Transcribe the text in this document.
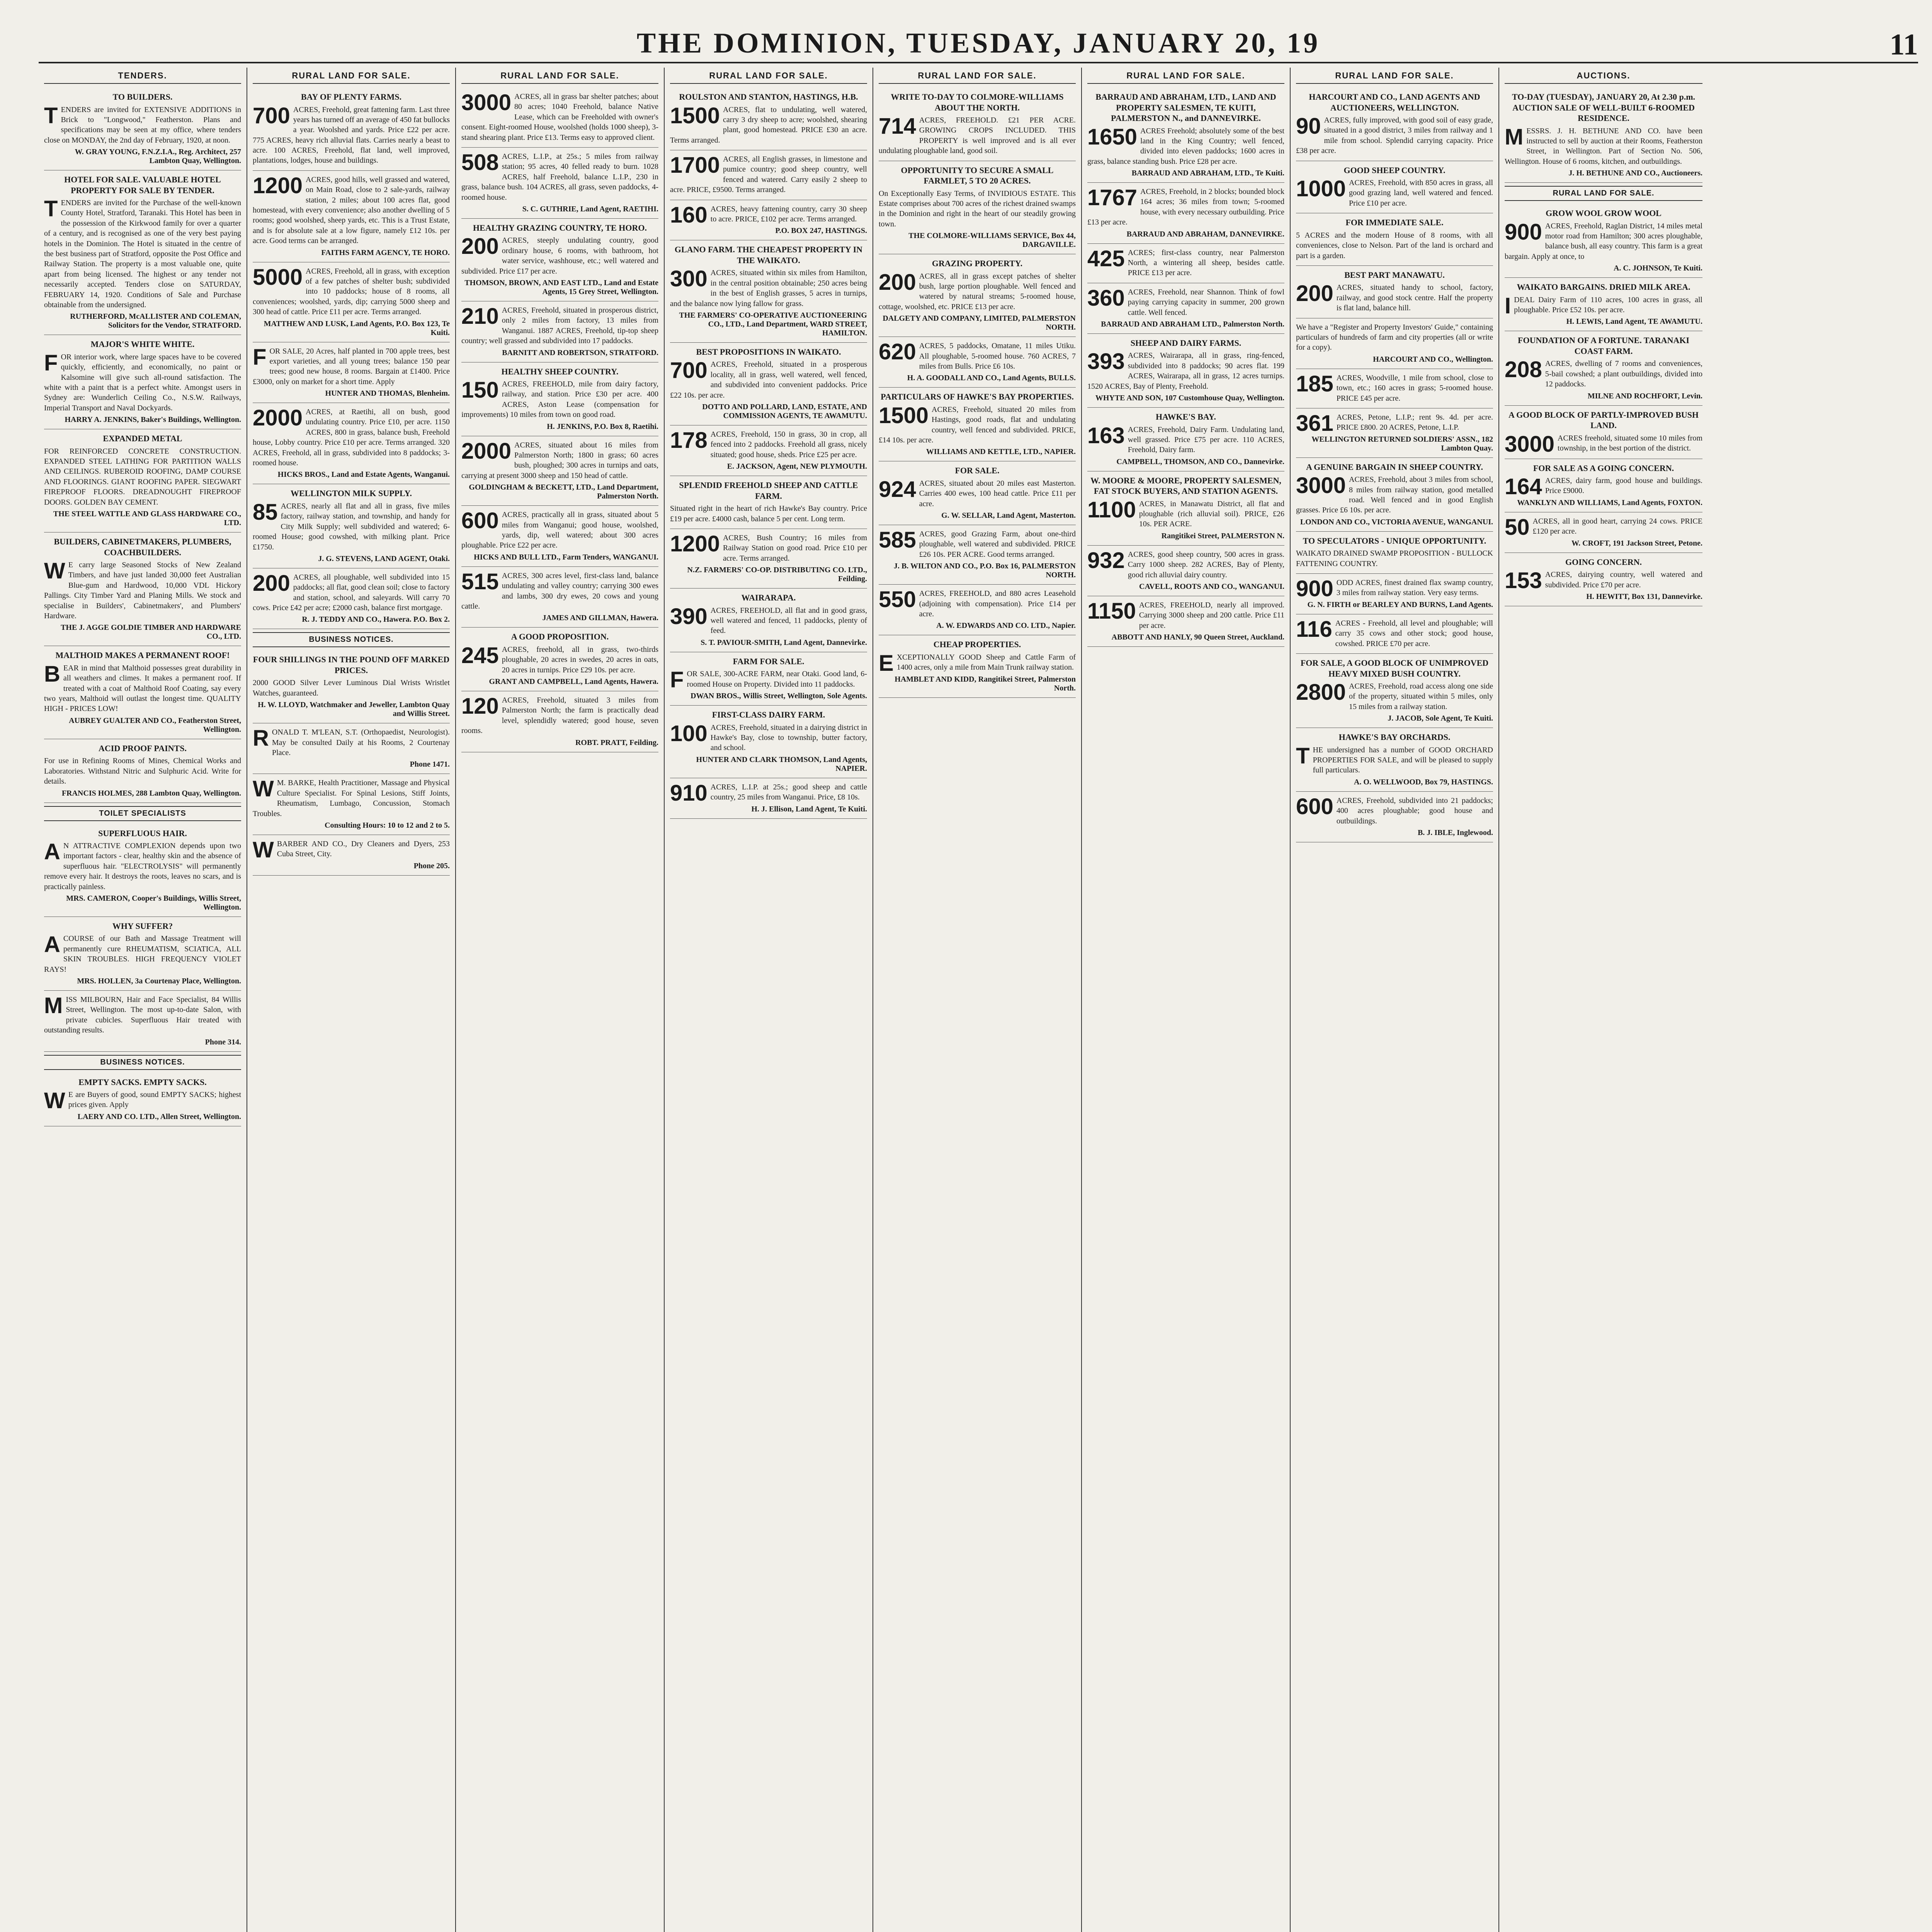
THE DOMINION, TUESDAY, JANUARY 20, 19	11
TENDERS.
TO BUILDERS.
TENDERS are invited for EXTENSIVE ADDITIONS in Brick to "Longwood," Featherston. Plans and specifications may be seen at my office, where tenders close on MONDAY, the 2nd day of February, 1920, at noon.
W. GRAY YOUNG, F.N.Z.I.A., Reg. Architect, 257 Lambton Quay, Wellington.
HOTEL FOR SALE. VALUABLE HOTEL PROPERTY FOR SALE BY TENDER.
TENDERS are invited for the Purchase of the well-known County Hotel, Stratford, Taranaki. This Hotel has been in the possession of the Kirkwood family for over a quarter of a century, and is recognised as one of the very best paying hotels in the Dominion. The Hotel is situated in the centre of the best business part of Stratford, opposite the Post Office and Railway Station. The property is a most valuable one, quite apart from being licensed. The highest or any tender not necessarily accepted. Tenders close on SATURDAY, FEBRUARY 14, 1920. Conditions of Sale and Purchase obtainable from the undersigned.
RUTHERFORD, McALLISTER AND COLEMAN, Solicitors for the Vendor, STRATFORD.
MAJOR'S WHITE WHITE.
FOR interior work, where large spaces have to be covered quickly, efficiently, and economically, no paint or Kalsomine will give such all-round satisfaction. The white with a paint that is a perfect white. Amongst users in Sydney are: Wunderlich Ceiling Co., N.S.W. Railways, Imperial Transport and Naval Dockyards.
HARRY A. JENKINS, Baker's Buildings, Wellington.
EXPANDED METAL
FOR REINFORCED CONCRETE CONSTRUCTION. EXPANDED STEEL LATHING FOR PARTITION WALLS AND CEILINGS. RUBEROID ROOFING, DAMP COURSE AND FLOORINGS. GIANT ROOFING PAPER. SIEGWART FIREPROOF FLOORS. DREADNOUGHT FIREPROOF DOORS. GOLDEN BAY CEMENT.
THE STEEL WATTLE AND GLASS HARDWARE CO., LTD.
BUILDERS, CABINETMAKERS, PLUMBERS, COACHBUILDERS.
W E carry large Seasoned Stocks of New Zealand Timbers, and have just landed 30,000 feet Australian Blue-gum and Hardwood, 10,000 VDL Hickory Pallings. City Timber Yard and Planing Mills. We stock and specialise in Builders', Cabinetmakers', and Plumbers' Hardware.
THE J. AGGE GOLDIE TIMBER AND HARDWARE CO., LTD.
MALTHOID MAKES A PERMANENT ROOF!
BEAR in mind that Malthoid possesses great durability in all weathers and climes. It makes a permanent roof. If treated with a coat of Malthoid Roof Coating, say every two years, Malthoid will outlast the longest time. QUALITY HIGH - PRICES LOW!
AUBREY GUALTER AND CO., Featherston Street, Wellington.
ACID PROOF PAINTS.
For use in Refining Rooms of Mines, Chemical Works and Laboratories. Withstand Nitric and Sulphuric Acid. Write for details.
FRANCIS HOLMES, 288 Lambton Quay, Wellington.
TOILET SPECIALISTS
SUPERFLUOUS HAIR.
A N ATTRACTIVE COMPLEXION depends upon two important factors - clear, healthy skin and the absence of superfluous hair. "ELECTROLYSIS" will permanently remove every hair. It destroys the roots, leaves no scars, and is practically painless.
MRS. CAMERON, Cooper's Buildings, Willis Street, Wellington.
WHY SUFFER?
ACOURSE of our Bath and Massage Treatment will permanently cure RHEUMATISM, SCIATICA, ALL SKIN TROUBLES. HIGH FREQUENCY VIOLET RAYS!
MRS. HOLLEN, 3a Courtenay Place, Wellington.
MISS MILBOURN, Hair and Face Specialist, 84 Willis Street, Wellington. The most up-to-date Salon, with private cubicles. Superfluous Hair treated with outstanding results.
Phone 314.
BUSINESS NOTICES.
EMPTY SACKS. EMPTY SACKS.
W E are Buyers of good, sound EMPTY SACKS; highest prices given. Apply
LAERY AND CO. LTD., Allen Street, Wellington.
RURAL LAND FOR SALE.
BAY OF PLENTY FARMS.
700 ACRES, Freehold, great fattening farm. Last three years has turned off an average of 450 fat bullocks a year. Woolshed and yards. Price £22 per acre. 775 ACRES, heavy rich alluvial flats. Carries nearly a beast to acre. 100 ACRES, Freehold, flat land, well improved, plantations, lodges, house and buildings.
1200 ACRES, good hills, well grassed and watered, on Main Road, close to 2 sale-yards, railway station, 2 miles; about 100 acres flat, good homestead, with every convenience; also another dwelling of 5 rooms; good woolshed, sheep yards, etc. This is a Trust Estate, and is for absolute sale at a low figure, namely £12 10s. per acre. Good terms can be arranged.
FAITHS FARM AGENCY, TE HORO.
5000 ACRES, Freehold, all in grass, with exception of a few patches of shelter bush; subdivided into 10 paddocks; house of 8 rooms, all conveniences; woolshed, yards, dip; carrying 5000 sheep and 300 head of cattle. Price £11 per acre. Terms arranged.
MATTHEW AND LUSK, Land Agents, P.O. Box 123, Te Kuiti.
FOR SALE, 20 Acres, half planted in 700 apple trees, best export varieties, and all young trees; balance 150 pear trees; good new house, 8 rooms. Bargain at £1400. Price £3000, only on market for a short time. Apply
HUNTER AND THOMAS, Blenheim.
2000 ACRES, at Raetihi, all on bush, good undulating country. Price £10, per acre. 1150 ACRES, 800 in grass, balance bush, Freehold house, Lobby country. Price £10 per acre. Terms arranged. 320 ACRES, Freehold, all in grass, subdivided into 8 paddocks; 3-roomed house.
HICKS BROS., Land and Estate Agents, Wanganui.
WELLINGTON MILK SUPPLY.
85 ACRES, nearly all flat and all in grass, five miles factory, railway station, and township, and handy for City Milk Supply; well subdivided and watered; 6-roomed House; good cowshed, with milking plant. Price £1750.
J. G. STEVENS, LAND AGENT, Otaki.
200 ACRES, all ploughable, well subdivided into 15 paddocks; all flat, good clean soil; close to factory and station, school, and saleyards. Will carry 70 cows. Price £42 per acre; £2000 cash, balance first mortgage.
R. J. TEDDY AND CO., Hawera. P.O. Box 2.
BUSINESS NOTICES.
FOUR SHILLINGS IN THE POUND OFF MARKED PRICES.
2000 GOOD Silver Lever Luminous Dial Wrists Wristlet Watches, guaranteed.
H. W. LLOYD, Watchmaker and Jeweller, Lambton Quay and Willis Street.
RONALD T. M'LEAN, S.T. (Orthopaedist, Neurologist). May be consulted Daily at his Rooms, 2 Courtenay Place.
Phone 1471.
W M. BARKE, Health Practitioner, Massage and Physical Culture Specialist. For Spinal Lesions, Stiff Joints, Rheumatism, Lumbago, Concussion, Stomach Troubles.
Consulting Hours: 10 to 12 and 2 to 5.
WBARBER AND CO., Dry Cleaners and Dyers, 253 Cuba Street, City.
Phone 205.
RURAL LAND FOR SALE.
3000 ACRES, all in grass bar shelter patches; about 80 acres; 1040 Freehold, balance Native Lease, which can be Freeholded with owner's consent. Eight-roomed House, woolshed (holds 1000 sheep), 3-stand shearing plant. Price £13. Terms easy to approved client.
508 ACRES, L.I.P., at 25s.; 5 miles from railway station; 95 acres, 40 felled ready to burn. 1028 ACRES, half Freehold, balance L.I.P., 230 in grass, balance bush. 104 ACRES, all grass, seven paddocks, 4-roomed house.
S. C. GUTHRIE, Land Agent, RAETIHI.
HEALTHY GRAZING COUNTRY, TE HORO.
200 ACRES, steeply undulating country, good ordinary house, 6 rooms, with bathroom, hot water service, washhouse, etc.; well watered and subdivided. Price £17 per acre.
THOMSON, BROWN, AND EAST LTD., Land and Estate Agents, 15 Grey Street, Wellington.
210 ACRES, Freehold, situated in prosperous district, only 2 miles from factory, 13 miles from Wanganui. 1887 ACRES, Freehold, tip-top sheep country; well grassed and subdivided into 17 paddocks.
BARNITT AND ROBERTSON, STRATFORD.
HEALTHY SHEEP COUNTRY.
150 ACRES, FREEHOLD, mile from dairy factory, railway, and station. Price £30 per acre. 400 ACRES, Aston Lease (compensation for improvements) 10 miles from town on good road.
H. JENKINS, P.O. Box 8, Raetihi.
2000 ACRES, situated about 16 miles from Palmerston North; 1800 in grass; 60 acres bush, ploughed; 300 acres in turnips and oats, carrying at present 3000 sheep and 150 head of cattle.
GOLDINGHAM & BECKETT, LTD., Land Department, Palmerston North.
600 ACRES, practically all in grass, situated about 5 miles from Wanganui; good house, woolshed, yards, dip, well watered; about 300 acres ploughable. Price £22 per acre.
HICKS AND BULL LTD., Farm Tenders, WANGANUI.
515 ACRES, 300 acres level, first-class land, balance undulating and valley country; carrying 300 ewes and lambs, 300 dry ewes, 20 cows and young cattle.
JAMES AND GILLMAN, Hawera.
A GOOD PROPOSITION.
245 ACRES, freehold, all in grass, two-thirds ploughable, 20 acres in swedes, 20 acres in oats, 20 acres in turnips. Price £29 10s. per acre.
GRANT AND CAMPBELL, Land Agents, Hawera.
120 ACRES, Freehold, situated 3 miles from Palmerston North; the farm is practically dead level, splendidly watered; good house, seven rooms.
ROBT. PRATT, Feilding.
RURAL LAND FOR SALE.
ROULSTON AND STANTON, HASTINGS, H.B.
1500 ACRES, flat to undulating, well watered, carry 3 dry sheep to acre; woolshed, shearing plant, good homestead. PRICE £30 an acre. Terms arranged.
1700 ACRES, all English grasses, in limestone and pumice country; good sheep country, well fenced and watered. Carry easily 2 sheep to acre. PRICE, £9500. Terms arranged.
160 ACRES, heavy fattening country, carry 30 sheep to acre. PRICE, £102 per acre. Terms arranged.
P.O. BOX 247, HASTINGS.
GLANO FARM. THE CHEAPEST PROPERTY IN THE WAIKATO.
300 ACRES, situated within six miles from Hamilton, in the central position obtainable; 250 acres being in the best of English grasses, 5 acres in turnips, and the balance now lying fallow for grass.
THE FARMERS' CO-OPERATIVE AUCTIONEERING CO., LTD., Land Department, WARD STREET, HAMILTON.
BEST PROPOSITIONS IN WAIKATO.
700 ACRES, Freehold, situated in a prosperous locality, all in grass, well watered, well fenced, and subdivided into convenient paddocks. Price £22 10s. per acre.
DOTTO AND POLLARD, LAND, ESTATE, AND COMMISSION AGENTS, TE AWAMUTU.
178 ACRES, Freehold, 150 in grass, 30 in crop, all fenced into 2 paddocks. Freehold all grass, nicely situated; good house, sheds. Price £25 per acre.
E. JACKSON, Agent, NEW PLYMOUTH.
SPLENDID FREEHOLD SHEEP AND CATTLE FARM.
Situated right in the heart of rich Hawke's Bay country. Price £19 per acre. £4000 cash, balance 5 per cent. Long term.
1200 ACRES, Bush Country; 16 miles from Railway Station on good road. Price £10 per acre. Terms arranged.
N.Z. FARMERS' CO-OP. DISTRIBUTING CO. LTD., Feilding.
WAIRARAPA.
390 ACRES, FREEHOLD, all flat and in good grass, well watered and fenced, 11 paddocks, plenty of feed.
S. T. PAVIOUR-SMITH, Land Agent, Dannevirke.
FARM FOR SALE.
FOR SALE, 300-ACRE FARM, near Otaki. Good land, 6-roomed House on Property. Divided into 11 paddocks.
DWAN BROS., Willis Street, Wellington, Sole Agents.
FIRST-CLASS DAIRY FARM.
100 ACRES, Freehold, situated in a dairying district in Hawke's Bay, close to township, butter factory, and school.
HUNTER AND CLARK THOMSON, Land Agents, NAPIER.
910 ACRES, L.I.P. at 25s.; good sheep and cattle country, 25 miles from Wanganui. Price, £8 10s.
H. J. Ellison, Land Agent, Te Kuiti.
RURAL LAND FOR SALE.
WRITE TO-DAY TO COLMORE-WILLIAMS ABOUT THE NORTH.
714 ACRES, FREEHOLD. £21 PER ACRE. GROWING CROPS INCLUDED. THIS PROPERTY is well improved and is all ever undulating ploughable land, good soil.
OPPORTUNITY TO SECURE A SMALL FARMLET, 5 TO 20 ACRES.
On Exceptionally Easy Terms, of INVIDIOUS ESTATE. This Estate comprises about 700 acres of the richest drained swamps in the Dominion and right in the heart of our steadily growing town.
THE COLMORE-WILLIAMS SERVICE, Box 44, DARGAVILLE.
GRAZING PROPERTY.
200 ACRES, all in grass except patches of shelter bush, large portion ploughable. Well fenced and watered by natural streams; 5-roomed house, cottage, woolshed, etc. PRICE £13 per acre.
DALGETY AND COMPANY, LIMITED, PALMERSTON NORTH.
620 ACRES, 5 paddocks, Omatane, 11 miles Utiku. All ploughable, 5-roomed house. 760 ACRES, 7 miles from Bulls. Price £6 10s.
H. A. GOODALL AND CO., Land Agents, BULLS.
PARTICULARS OF HAWKE'S BAY PROPERTIES.
1500 ACRES, Freehold, situated 20 miles from Hastings, good roads, flat and undulating country, well fenced and subdivided. PRICE, £14 10s. per acre.
WILLIAMS AND KETTLE, LTD., NAPIER.
FOR SALE.
924 ACRES, situated about 20 miles east Masterton. Carries 400 ewes, 100 head cattle. Price £11 per acre.
G. W. SELLAR, Land Agent, Masterton.
585 ACRES, good Grazing Farm, about one-third ploughable, well watered and subdivided. PRICE £26 10s. PER ACRE. Good terms arranged.
J. B. WILTON AND CO., P.O. Box 16, PALMERSTON NORTH.
550 ACRES, FREEHOLD, and 880 acres Leasehold (adjoining with compensation). Price £14 per acre.
A. W. EDWARDS AND CO. LTD., Napier.
CHEAP PROPERTIES.
EXCEPTIONALLY GOOD Sheep and Cattle Farm of 1400 acres, only a mile from Main Trunk railway station.
HAMBLET AND KIDD, Rangitikei Street, Palmerston North.
RURAL LAND FOR SALE.
BARRAUD AND ABRAHAM, LTD., LAND AND PROPERTY SALESMEN, TE KUITI, PALMERSTON N., and DANNEVIRKE.
1650 ACRES Freehold; absolutely some of the best land in the King Country; well fenced, divided into eleven paddocks; 1600 acres in grass, balance standing bush. Price £28 per acre.
BARRAUD AND ABRAHAM, LTD., Te Kuiti.
1767 ACRES, Freehold, in 2 blocks; bounded block 164 acres; 36 miles from town; 5-roomed house, with every necessary outbuilding. Price £13 per acre.
BARRAUD AND ABRAHAM, DANNEVIRKE.
425 ACRES; first-class country, near Palmerston North, a wintering all sheep, besides cattle. PRICE £13 per acre.
360 ACRES, Freehold, near Shannon. Think of fowl paying carrying capacity in summer, 200 grown cattle. Well fenced.
BARRAUD AND ABRAHAM LTD., Palmerston North.
SHEEP AND DAIRY FARMS.
393 ACRES, Wairarapa, all in grass, ring-fenced, subdivided into 8 paddocks; 90 acres flat. 199 ACRES, Wairarapa, all in grass, 12 acres turnips. 1520 ACRES, Bay of Plenty, Freehold.
WHYTE AND SON, 107 Customhouse Quay, Wellington.
HAWKE'S BAY.
163 ACRES, Freehold, Dairy Farm. Undulating land, well grassed. Price £75 per acre. 110 ACRES, Freehold, Dairy farm.
CAMPBELL, THOMSON, AND CO., Dannevirke.
W. MOORE & MOORE, PROPERTY SALESMEN, FAT STOCK BUYERS, AND STATION AGENTS.
1100 ACRES, in Manawatu District, all flat and ploughable (rich alluvial soil). PRICE, £26 10s. PER ACRE.
Rangitikei Street, PALMERSTON N.
932 ACRES, good sheep country, 500 acres in grass. Carry 1000 sheep. 282 ACRES, Bay of Plenty, good rich alluvial dairy country.
CAVELL, ROOTS AND CO., WANGANUI.
1150 ACRES, FREEHOLD, nearly all improved. Carrying 3000 sheep and 200 cattle. Price £11 per acre.
ABBOTT AND HANLY, 90 Queen Street, Auckland.
RURAL LAND FOR SALE.
HARCOURT AND CO., LAND AGENTS AND AUCTIONEERS, WELLINGTON.
90 ACRES, fully improved, with good soil of easy grade, situated in a good district, 3 miles from railway and 1 mile from school. Splendid carrying capacity. Price £38 per acre.
GOOD SHEEP COUNTRY.
1000 ACRES, Freehold, with 850 acres in grass, all good grazing land, well watered and fenced. Price £10 per acre.
FOR IMMEDIATE SALE.
5 ACRES and the modern House of 8 rooms, with all conveniences, close to Nelson. Part of the land is orchard and part is a garden.
BEST PART MANAWATU.
200 ACRES, situated handy to school, factory, railway, and good stock centre. Half the property is flat land, balance hill.
We have a "Register and Property Investors' Guide," containing particulars of hundreds of farm and city properties (all or write for a copy).
HARCOURT AND CO., Wellington.
185 ACRES, Woodville, 1 mile from school, close to town, etc.; 160 acres in grass; 5-roomed house. PRICE £45 per acre.
361 ACRES, Petone, L.I.P.; rent 9s. 4d. per acre. PRICE £800. 20 ACRES, Petone, L.I.P.
WELLINGTON RETURNED SOLDIERS' ASSN., 182 Lambton Quay.
A GENUINE BARGAIN IN SHEEP COUNTRY.
3000 ACRES, Freehold, about 3 miles from school, 8 miles from railway station, good metalled road. Well fenced and in good English grasses. Price £6 10s. per acre.
LONDON AND CO., VICTORIA AVENUE, WANGANUI.
TO SPECULATORS - UNIQUE OPPORTUNITY.
WAIKATO DRAINED SWAMP PROPOSITION - BULLOCK FATTENING COUNTRY.
900 ODD ACRES, finest drained flax swamp country, 3 miles from railway station. Very easy terms.
G. N. FIRTH or BEARLEY AND BURNS, Land Agents.
116 ACRES - Freehold, all level and ploughable; will carry 35 cows and other stock; good house, cowshed. PRICE £70 per acre.
FOR SALE, A GOOD BLOCK OF UNIMPROVED HEAVY MIXED BUSH COUNTRY.
2800 ACRES, Freehold, road access along one side of the property, situated within 5 miles, only 15 miles from a railway station.
J. JACOB, Sole Agent, Te Kuiti.
HAWKE'S BAY ORCHARDS.
THE undersigned has a number of GOOD ORCHARD PROPERTIES FOR SALE, and will be pleased to supply full particulars.
A. O. WELLWOOD, Box 79, HASTINGS.
600 ACRES, Freehold, subdivided into 21 paddocks; 400 acres ploughable; good house and outbuildings.
B. J. IBLE, Inglewood.
AUCTIONS.
TO-DAY (TUESDAY), JANUARY 20, At 2.30 p.m. AUCTION SALE OF WELL-BUILT 6-ROOMED RESIDENCE.
MESSRS. J. H. BETHUNE AND CO. have been instructed to sell by auction at their Rooms, Featherston Street, in Wellington. Part of Section No. 506, Wellington. House of 6 rooms, kitchen, and outbuildings.
J. H. BETHUNE AND CO., Auctioneers.
RURAL LAND FOR SALE.
GROW WOOL GROW WOOL
900 ACRES, Freehold, Raglan District, 14 miles metal motor road from Hamilton; 300 acres ploughable, balance bush, all easy country. This farm is a great bargain. Apply at once, to
A. C. JOHNSON, Te Kuiti.
WAIKATO BARGAINS. DRIED MILK AREA.
IDEAL Dairy Farm of 110 acres, 100 acres in grass, all ploughable. Price £52 10s. per acre.
H. LEWIS, Land Agent, TE AWAMUTU.
FOUNDATION OF A FORTUNE. TARANAKI COAST FARM.
208 ACRES, dwelling of 7 rooms and conveniences, 5-bail cowshed; a plant outbuildings, divided into 12 paddocks.
MILNE AND ROCHFORT, Levin.
A GOOD BLOCK OF PARTLY-IMPROVED BUSH LAND.
3000 ACRES freehold, situated some 10 miles from township, in the best portion of the district.
FOR SALE AS A GOING CONCERN.
164 ACRES, dairy farm, good house and buildings. Price £9000.
WANKLYN AND WILLIAMS, Land Agents, FOXTON.
50 ACRES, all in good heart, carrying 24 cows. PRICE £120 per acre.
W. CROFT, 191 Jackson Street, Petone.
GOING CONCERN.
153 ACRES, dairying country, well watered and subdivided. Price £70 per acre.
H. HEWITT, Box 131, Dannevirke.
